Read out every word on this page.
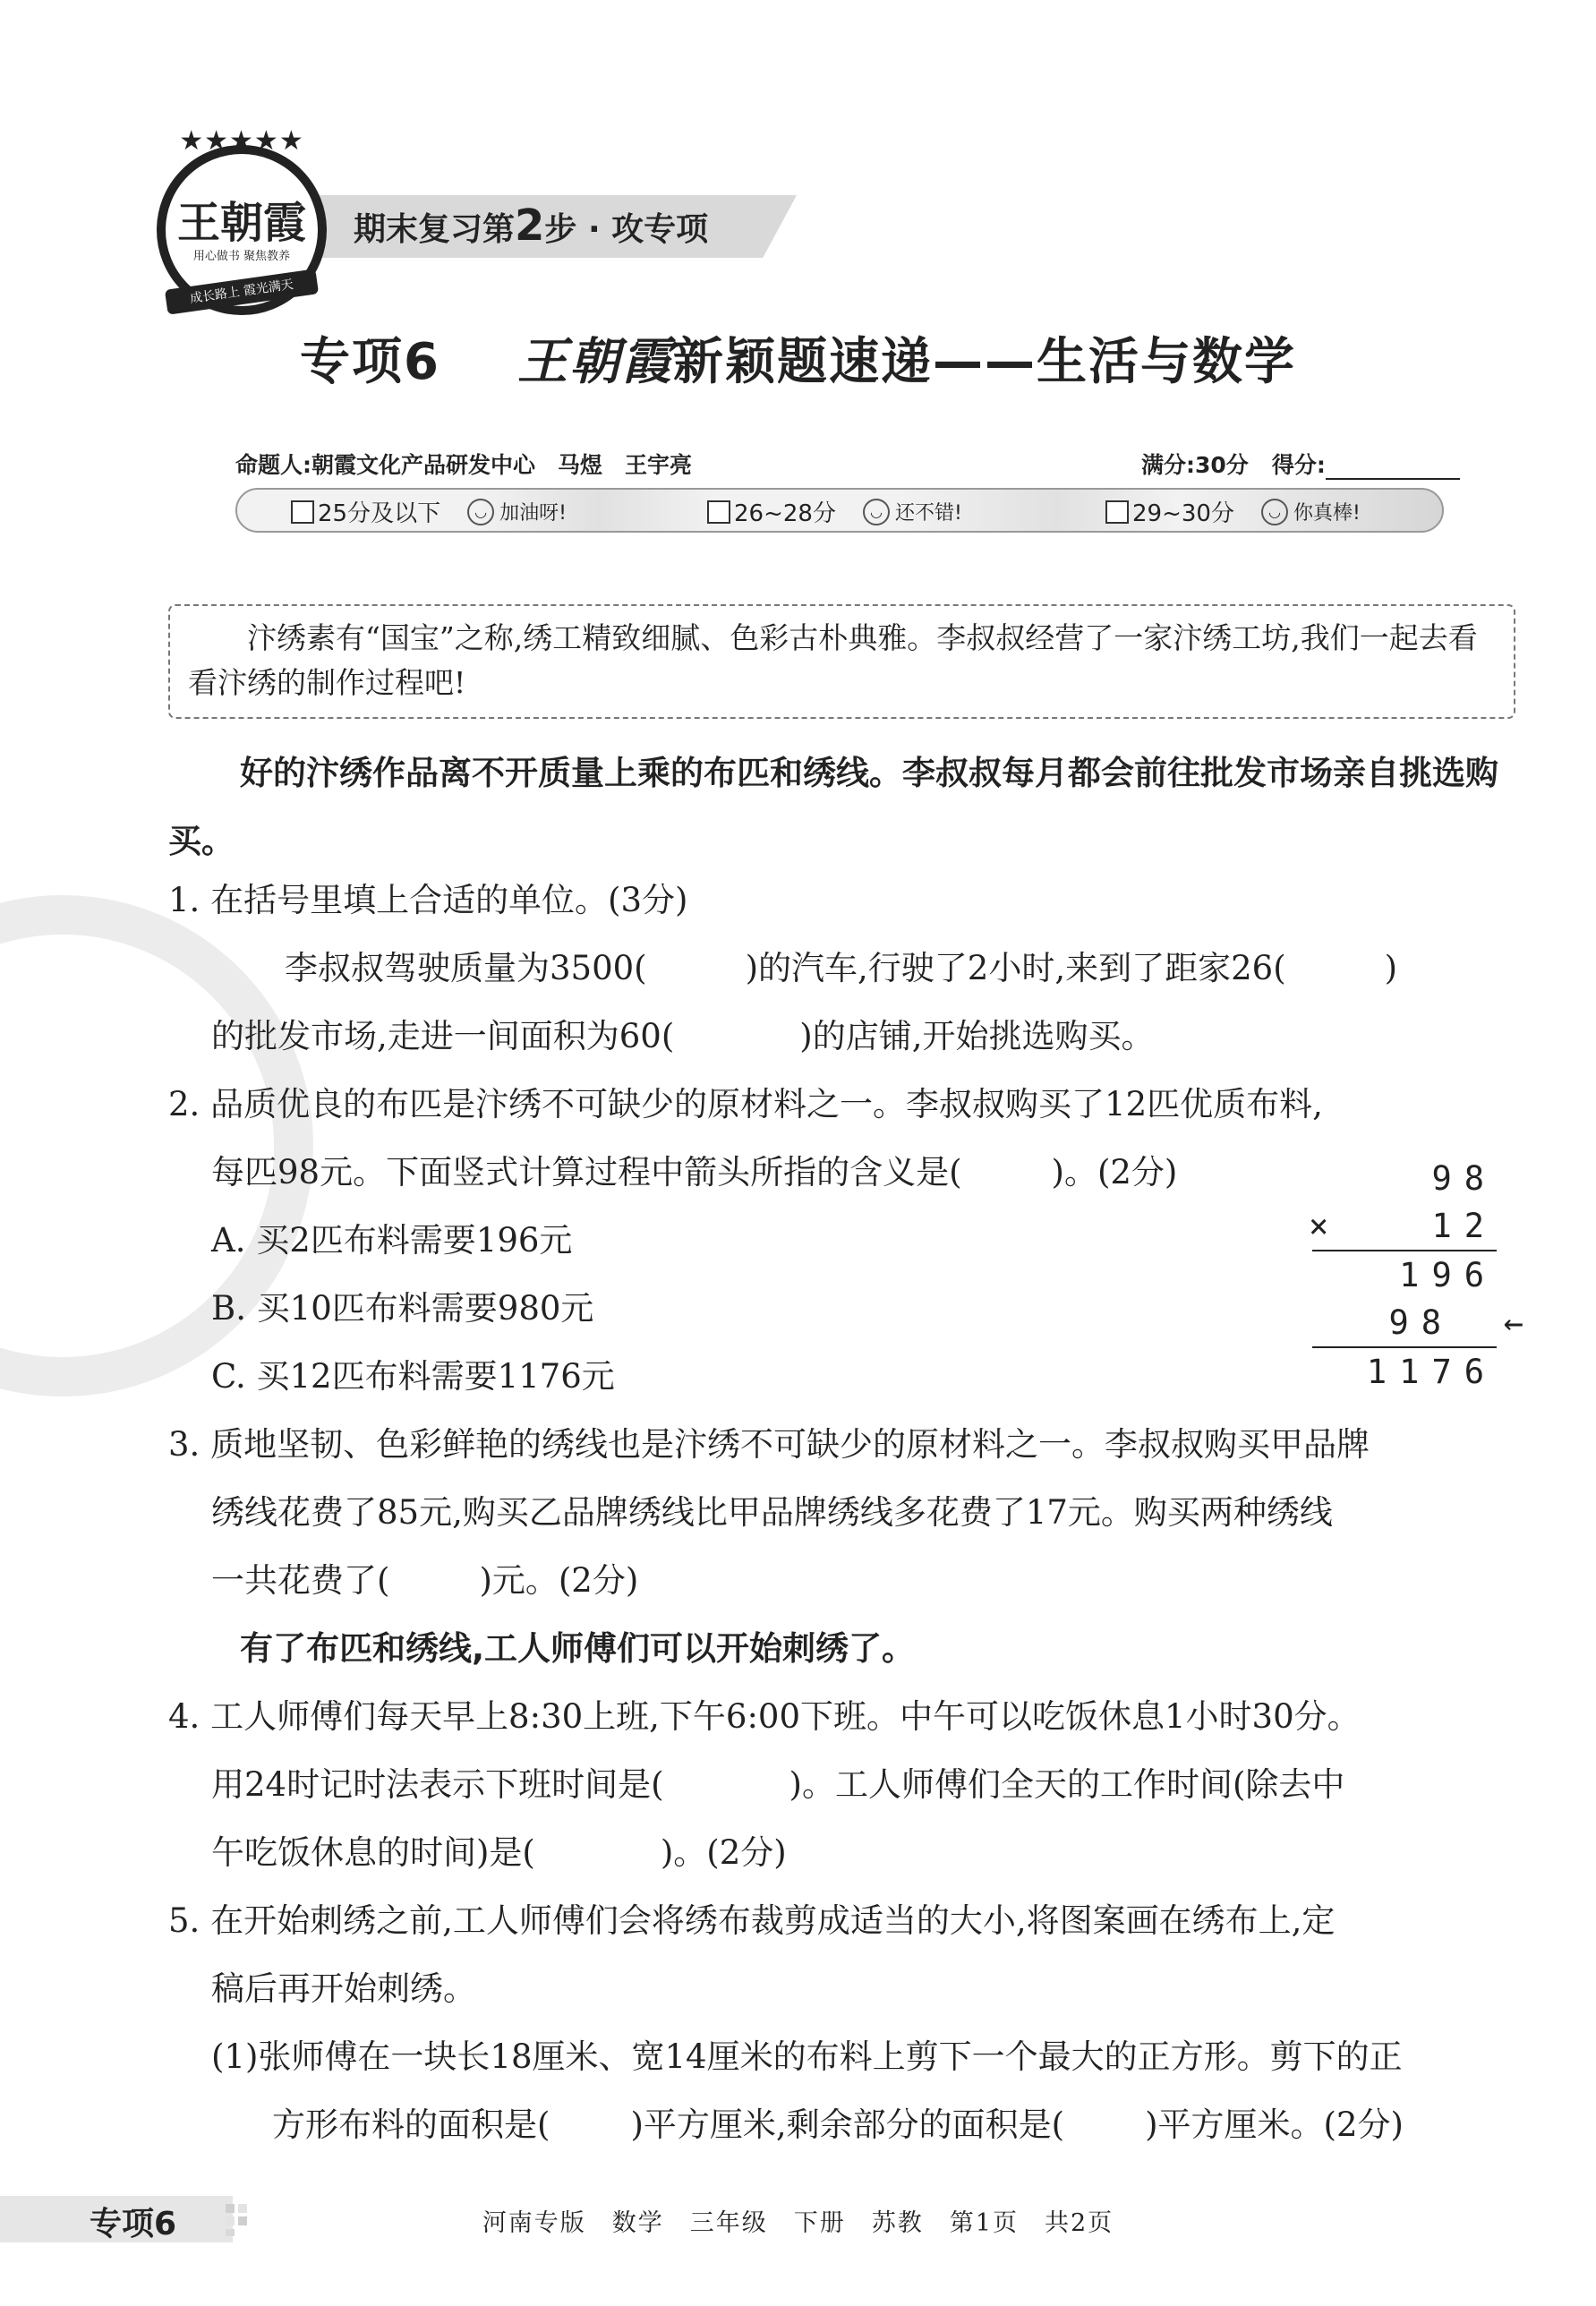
★★★★★
王朝霞
用心做书 聚焦教养
成长路上 霞光满天
期末复习第2步 · 攻专项
专项6 王朝霞新颖题速递——生活与数学
命题人:朝霞文化产品研发中心　马煜　王宇亮	满分:30分 得分:
25分及以下	◡ 加油呀!	26~28分	◡ 还不错!	29~30分	◡ 你真棒!
汴绣素有“国宝”之称,绣工精致细腻、色彩古朴典雅。李叔叔经营了一家汴绣工坊,我们一起去看看汴绣的制作过程吧!
好的汴绣作品离不开质量上乘的布匹和绣线。李叔叔每月都会前往批发市场亲自挑选购买。
1. 在括号里填上合适的单位。(3分)
李叔叔驾驶质量为3500(	)的汽车,行驶了2小时,来到了距家26(	)
的批发市场,走进一间面积为60(	)的店铺,开始挑选购买。
2. 品质优良的布匹是汴绣不可缺少的原材料之一。李叔叔购买了12匹优质布料,
每匹98元。下面竖式计算过程中箭头所指的含义是(	)。(2分)
A. 买2匹布料需要196元
B. 买10匹布料需要980元
C. 买12匹布料需要1176元
98
×	12
196
98 ←
1176
3. 质地坚韧、色彩鲜艳的绣线也是汴绣不可缺少的原材料之一。李叔叔购买甲品牌
绣线花费了85元,购买乙品牌绣线比甲品牌绣线多花费了17元。购买两种绣线
一共花费了(	)元。(2分)
有了布匹和绣线,工人师傅们可以开始刺绣了。
4. 工人师傅们每天早上8:30上班,下午6:00下班。中午可以吃饭休息1小时30分。
用24时记时法表示下班时间是(	)。工人师傅们全天的工作时间(除去中
午吃饭休息的时间)是(	)。(2分)
5. 在开始刺绣之前,工人师傅们会将绣布裁剪成适当的大小,将图案画在绣布上,定
稿后再开始刺绣。
(1)张师傅在一块长18厘米、宽14厘米的布料上剪下一个最大的正方形。剪下的正
方形布料的面积是( )平方厘米,剩余部分的面积是( )平方厘米。(2分)
专项6	河南专版　数学　三年级　下册　苏教　第1页　共2页
